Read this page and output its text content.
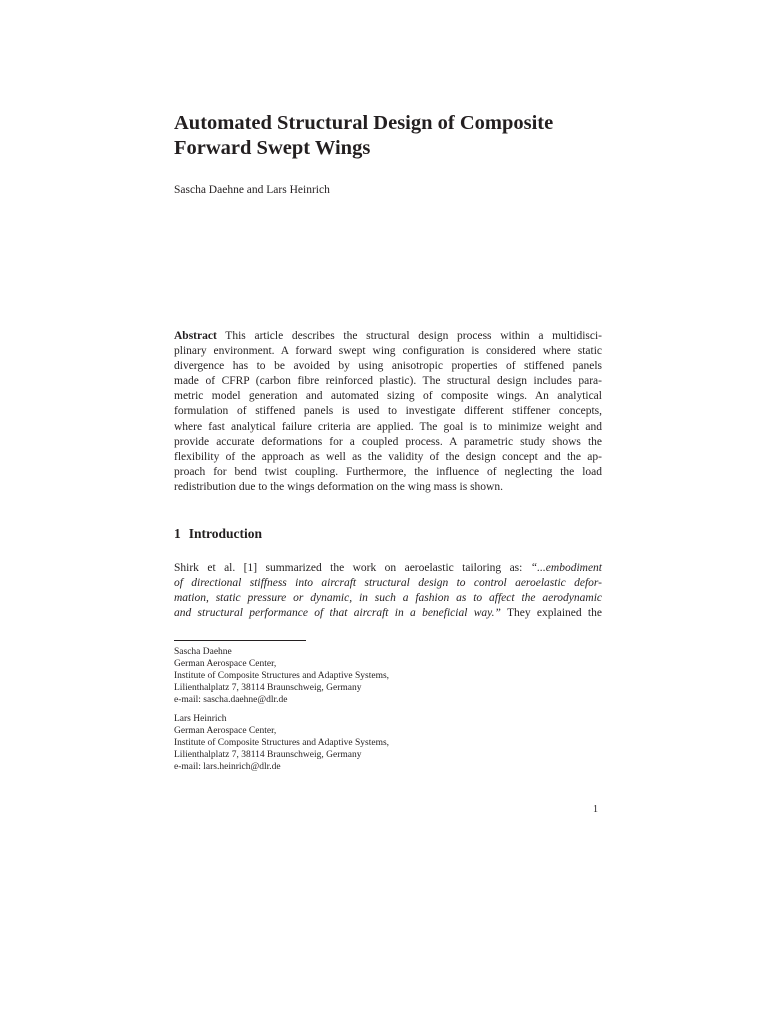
Automated Structural Design of Composite
Forward Swept Wings
Sascha Daehne and Lars Heinrich

Abstract This article describes the structural design process within a multidisci-
plinary environment. A forward swept wing configuration is considered where static
divergence has to be avoided by using anisotropic properties of stiffened panels
made of CFRP (carbon fibre reinforced plastic). The structural design includes para-
metric model generation and automated sizing of composite wings. An analytical
formulation of stiffened panels is used to investigate different stiffener concepts,
where fast analytical failure criteria are applied. The goal is to minimize weight and
provide accurate deformations for a coupled process. A parametric study shows the
flexibility of the approach as well as the validity of the design concept and the ap-
proach for bend twist coupling. Furthermore, the influence of neglecting the load
redistribution due to the wings deformation on the wing mass is shown.

1 Introduction

Shirk et al. [1] summarized the work on aeroelastic tailoring as: “...embodiment
of directional stiffness into aircraft structural design to control aeroelastic defor-
mation, static pressure or dynamic, in such a fashion as to affect the aerodynamic
and structural performance of that aircraft in a beneficial way.” They explained the

Sascha Daehne
German Aerospace Center,
Institute of Composite Structures and Adaptive Systems,
Lilienthalplatz 7, 38114 Braunschweig, Germany
e-mail: sascha.daehne@dlr.de
Lars Heinrich
German Aerospace Center,
Institute of Composite Structures and Adaptive Systems,
Lilienthalplatz 7, 38114 Braunschweig, Germany
e-mail: lars.heinrich@dlr.de
1
